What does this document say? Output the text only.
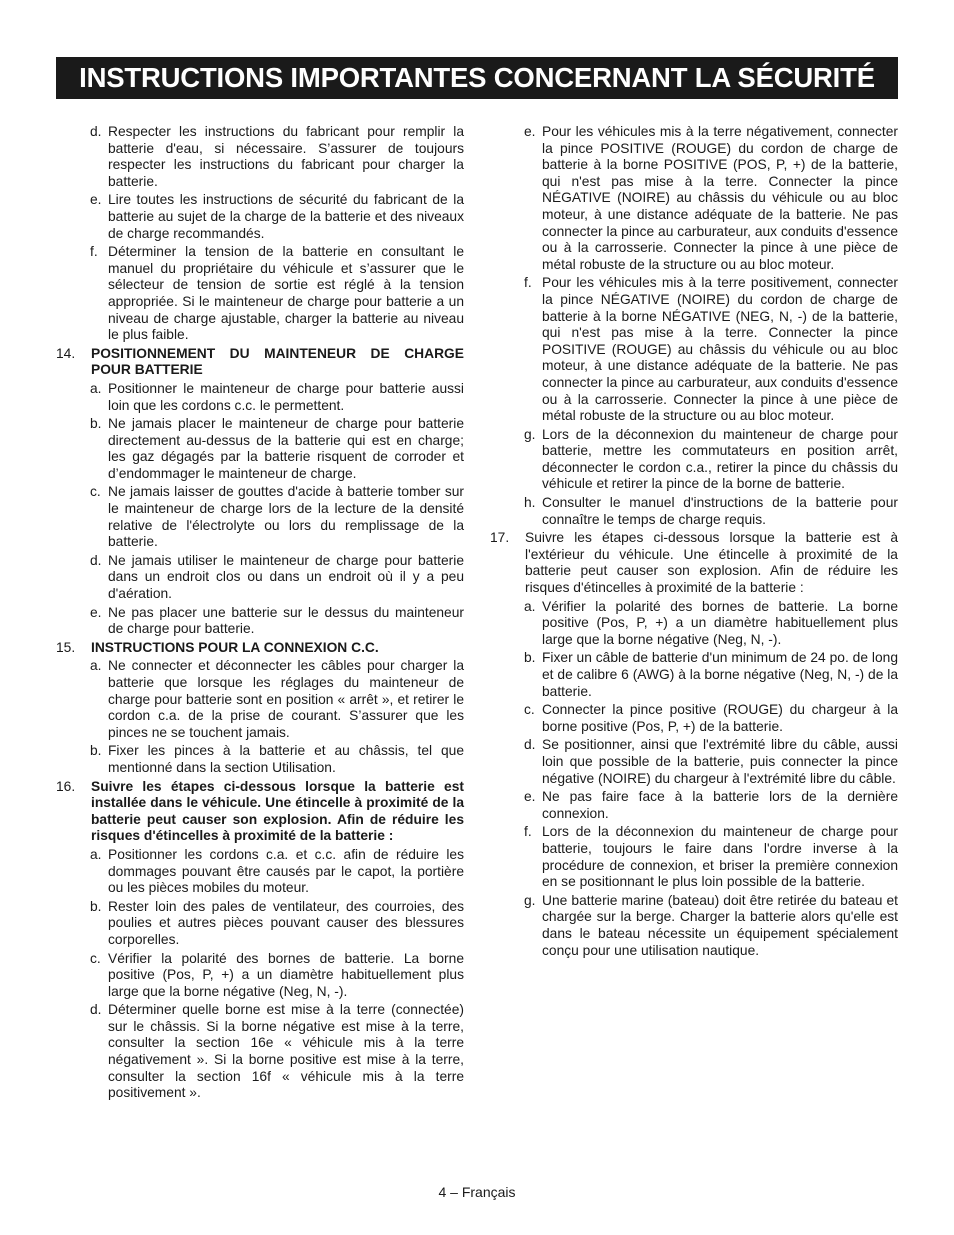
INSTRUCTIONS IMPORTANTES CONCERNANT LA SÉCURITÉ
d. Respecter les instructions du fabricant pour remplir la batterie d'eau, si nécessaire. S’assurer de toujours respecter les instructions du fabricant pour charger la batterie.
e. Lire toutes les instructions de sécurité du fabricant de la batterie au sujet de la charge de la batterie et des niveaux de charge recommandés.
f. Déterminer la tension de la batterie en consultant le manuel du propriétaire du véhicule et s’assurer que le sélecteur de tension de sortie est réglé à la tension appropriée. Si le mainteneur de charge pour batterie a un niveau de charge ajustable, charger la batterie au niveau le plus faible.
14.	POSITIONNEMENT DU MAINTENEUR DE CHARGE POUR BATTERIE
a. Positionner le mainteneur de charge pour batterie aussi loin que les cordons c.c. le permettent.
b. Ne jamais placer le mainteneur de charge pour batterie directement au-dessus de la batterie qui est en charge; les gaz dégagés par la batterie risquent de corroder et d’endommager le mainteneur de charge.
c. Ne jamais laisser de gouttes d'acide à batterie tomber sur le mainteneur de charge lors de la lecture de la densité relative de l'électrolyte ou lors du remplissage de la batterie.
d. Ne jamais utiliser le mainteneur de charge pour batterie dans un endroit clos ou dans un endroit où il y a peu d'aération.
e. Ne pas placer une batterie sur le dessus du mainteneur de charge pour batterie.
15.	INSTRUCTIONS POUR LA CONNEXION C.C.
a. Ne connecter et déconnecter les câbles pour charger la batterie que lorsque les réglages du mainteneur de charge pour batterie sont en position « arrêt », et retirer le cordon c.a. de la prise de courant. S’assurer que les pinces ne se touchent jamais.
b. Fixer les pinces à la batterie et au châssis, tel que mentionné dans la section Utilisation.
16.	Suivre les étapes ci-dessous lorsque la batterie est installée dans le véhicule. Une étincelle à proximité de la batterie peut causer son explosion. Afin de réduire les risques d'étincelles à proximité de la batterie :
a. Positionner les cordons c.a. et c.c. afin de réduire les dommages pouvant être causés par le capot, la portière ou les pièces mobiles du moteur.
b. Rester loin des pales de ventilateur, des courroies, des poulies et autres pièces pouvant causer des blessures corporelles.
c. Vérifier la polarité des bornes de batterie. La borne positive (Pos, P, +) a un diamètre habituellement plus large que la borne négative (Neg, N, -).
d. Déterminer quelle borne est mise à la terre (connectée) sur le châssis. Si la borne négative est mise à la terre, consulter la section 16e « véhicule mis à la terre négativement ». Si la borne positive est mise à la terre, consulter la section 16f « véhicule mis à la terre positivement ».
e. Pour les véhicules mis à la terre négativement, connecter la pince POSITIVE (ROUGE) du cordon de charge de batterie à la borne POSITIVE (POS, P, +) de la batterie, qui n'est pas mise à la terre. Connecter la pince NÉGATIVE (NOIRE) au châssis du véhicule ou au bloc moteur, à une distance adéquate de la batterie. Ne pas connecter la pince au carburateur, aux conduits d'essence ou à la carrosserie. Connecter la pince à une pièce de métal robuste de la structure ou au bloc moteur.
f. Pour les véhicules mis à la terre positivement, connecter la pince NÉGATIVE (NOIRE) du cordon de charge de batterie à la borne NÉGATIVE (NEG, N, -) de la batterie, qui n'est pas mise à la terre. Connecter la pince POSITIVE (ROUGE) au châssis du véhicule ou au bloc moteur, à une distance adéquate de la batterie. Ne pas connecter la pince au carburateur, aux conduits d'essence ou à la carrosserie. Connecter la pince à une pièce de métal robuste de la structure ou au bloc moteur.
g. Lors de la déconnexion du mainteneur de charge pour batterie, mettre les commutateurs en position arrêt, déconnecter le cordon c.a., retirer la pince du châssis du véhicule et retirer la pince de la borne de batterie.
h. Consulter le manuel d'instructions de la batterie pour connaître le temps de charge requis.
17.	Suivre les étapes ci-dessous lorsque la batterie est à l'extérieur du véhicule. Une étincelle à proximité de la batterie peut causer son explosion. Afin de réduire les risques d'étincelles à proximité de la batterie :
a. Vérifier la polarité des bornes de batterie. La borne positive (Pos, P, +) a un diamètre habituellement plus large que la borne négative (Neg, N, -).
b. Fixer un câble de batterie d'un minimum de 24 po. de long et de calibre 6 (AWG) à la borne négative (Neg, N, -) de la batterie.
c. Connecter la pince positive (ROUGE) du chargeur à la borne positive (Pos, P, +) de la batterie.
d. Se positionner, ainsi que l'extrémité libre du câble, aussi loin que possible de la batterie, puis connecter la pince négative (NOIRE) du chargeur à l'extrémité libre du câble.
e. Ne pas faire face à la batterie lors de la dernière connexion.
f. Lors de la déconnexion du mainteneur de charge pour batterie, toujours le faire dans l'ordre inverse à la procédure de connexion, et briser la première connexion en se positionnant le plus loin possible de la batterie.
g. Une batterie marine (bateau) doit être retirée du bateau et chargée sur la berge. Charger la batterie alors qu'elle est dans le bateau nécessite un équipement spécialement conçu pour une utilisation nautique.
4 – Français
